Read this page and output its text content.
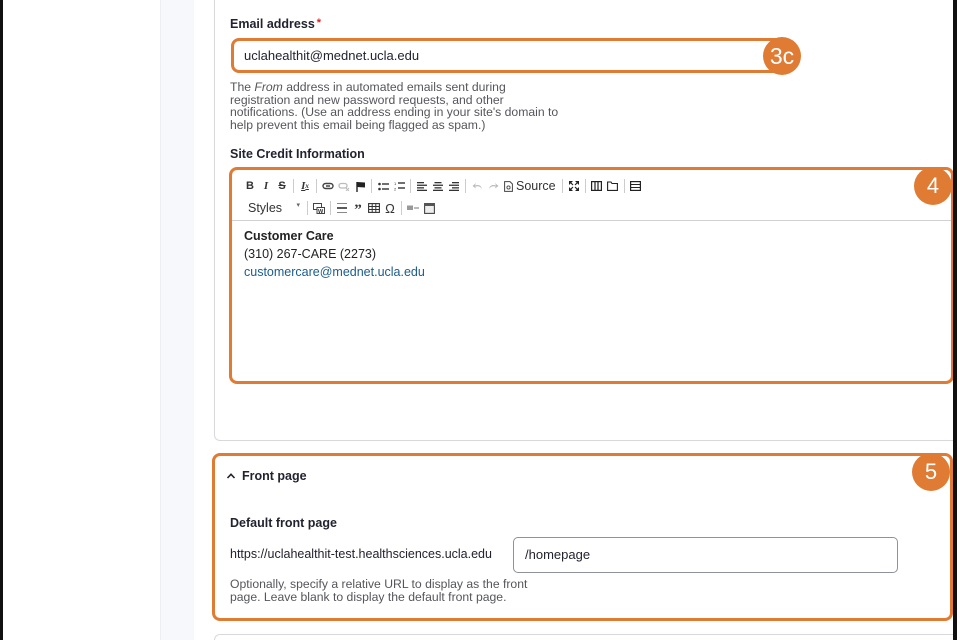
Email address *
uclahealthit@mednet.ucla.edu	3c
The From address in automated emails sent during
registration and new password requests, and other
notifications. (Use an address ending in your site's domain to
help prevent this email being flagged as spam.)
Site Credit Information
B I S	I x	1
2	Source
Styles ▾
W ” Ω
Customer Care
(310) 267-CARE (2273)
customercare@mednet.ucla.edu
4
5
Front page
Default front page
https://uclahealthit-test.healthsciences.ucla.edu	/homepage
Optionally, specify a relative URL to display as the front
page. Leave blank to display the default front page.
